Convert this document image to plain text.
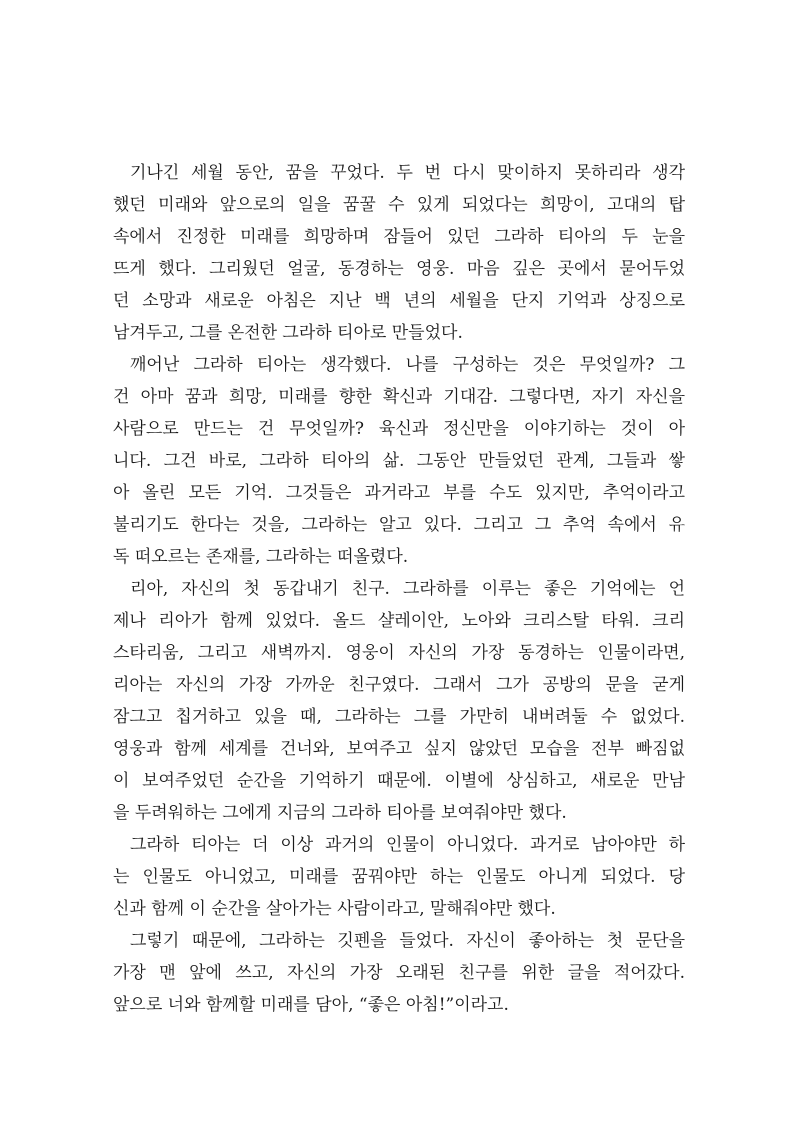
기나긴 세월 동안, 꿈을 꾸었다. 두 번 다시 맞이하지 못하리라 생각
했던 미래와 앞으로의 일을 꿈꿀 수 있게 되었다는 희망이, 고대의 탑
속에서 진정한 미래를 희망하며 잠들어 있던 그라하 티아의 두 눈을
뜨게 했다. 그리웠던 얼굴, 동경하는 영웅. 마음 깊은 곳에서 묻어두었
던 소망과 새로운 아침은 지난 백 년의 세월을 단지 기억과 상징으로
남겨두고, 그를 온전한 그라하 티아로 만들었다.
깨어난 그라하 티아는 생각했다. 나를 구성하는 것은 무엇일까? 그
건 아마 꿈과 희망, 미래를 향한 확신과 기대감. 그렇다면, 자기 자신을
사람으로 만드는 건 무엇일까? 육신과 정신만을 이야기하는 것이 아
니다. 그건 바로, 그라하 티아의 삶. 그동안 만들었던 관계, 그들과 쌓
아 올린 모든 기억. 그것들은 과거라고 부를 수도 있지만, 추억이라고
불리기도 한다는 것을, 그라하는 알고 있다. 그리고 그 추억 속에서 유
독 떠오르는 존재를, 그라하는 떠올렸다.
리아, 자신의 첫 동갑내기 친구. 그라하를 이루는 좋은 기억에는 언
제나 리아가 함께 있었다. 올드 샬레이안, 노아와 크리스탈 타워. 크리
스타리움, 그리고 새벽까지. 영웅이 자신의 가장 동경하는 인물이라면,
리아는 자신의 가장 가까운 친구였다. 그래서 그가 공방의 문을 굳게
잠그고 칩거하고 있을 때, 그라하는 그를 가만히 내버려둘 수 없었다.
영웅과 함께 세계를 건너와, 보여주고 싶지 않았던 모습을 전부 빠짐없
이 보여주었던 순간을 기억하기 때문에. 이별에 상심하고, 새로운 만남
을 두려워하는 그에게 지금의 그라하 티아를 보여줘야만 했다.
그라하 티아는 더 이상 과거의 인물이 아니었다. 과거로 남아야만 하
는 인물도 아니었고, 미래를 꿈꿔야만 하는 인물도 아니게 되었다. 당
신과 함께 이 순간을 살아가는 사람이라고, 말해줘야만 했다.
그렇기 때문에, 그라하는 깃펜을 들었다. 자신이 좋아하는 첫 문단을
가장 맨 앞에 쓰고, 자신의 가장 오래된 친구를 위한 글을 적어갔다.
앞으로 너와 함께할 미래를 담아, “좋은 아침!”이라고.
